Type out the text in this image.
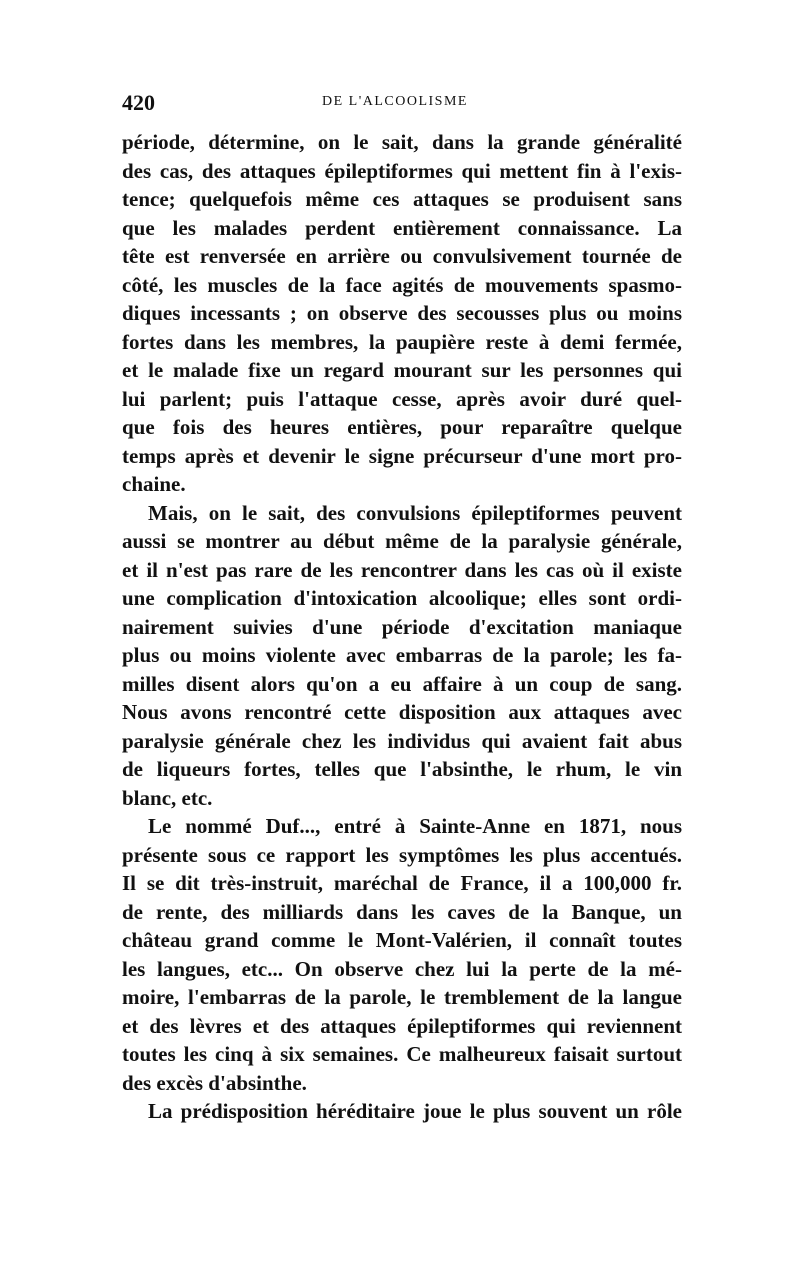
420	DE L'ALCOOLISME

période, détermine, on le sait, dans la grande généralité
des cas, des attaques épileptiformes qui mettent fin à l'exis-
tence; quelquefois même ces attaques se produisent sans
que les malades perdent entièrement connaissance. La
tête est renversée en arrière ou convulsivement tournée de
côté, les muscles de la face agités de mouvements spasmo-
diques incessants ; on observe des secousses plus ou moins
fortes dans les membres, la paupière reste à demi fermée,
et le malade fixe un regard mourant sur les personnes qui
lui parlent; puis l'attaque cesse, après avoir duré quel-
que fois des heures entières, pour reparaître quelque
temps après et devenir le signe précurseur d'une mort pro-
chaine.

Mais, on le sait, des convulsions épileptiformes peuvent
aussi se montrer au début même de la paralysie générale,
et il n'est pas rare de les rencontrer dans les cas où il existe
une complication d'intoxication alcoolique; elles sont ordi-
nairement suivies d'une période d'excitation maniaque
plus ou moins violente avec embarras de la parole; les fa-
milles disent alors qu'on a eu affaire à un coup de sang.
Nous avons rencontré cette disposition aux attaques avec
paralysie générale chez les individus qui avaient fait abus
de liqueurs fortes, telles que l'absinthe, le rhum, le vin
blanc, etc.

Le nommé Duf..., entré à Sainte-Anne en 1871, nous
présente sous ce rapport les symptômes les plus accentués.
Il se dit très-instruit, maréchal de France, il a 100,000 fr.
de rente, des milliards dans les caves de la Banque, un
château grand comme le Mont-Valérien, il connaît toutes
les langues, etc... On observe chez lui la perte de la mé-
moire, l'embarras de la parole, le tremblement de la langue
et des lèvres et des attaques épileptiformes qui reviennent
toutes les cinq à six semaines. Ce malheureux faisait surtout
des excès d'absinthe.

La prédisposition héréditaire joue le plus souvent un rôle
